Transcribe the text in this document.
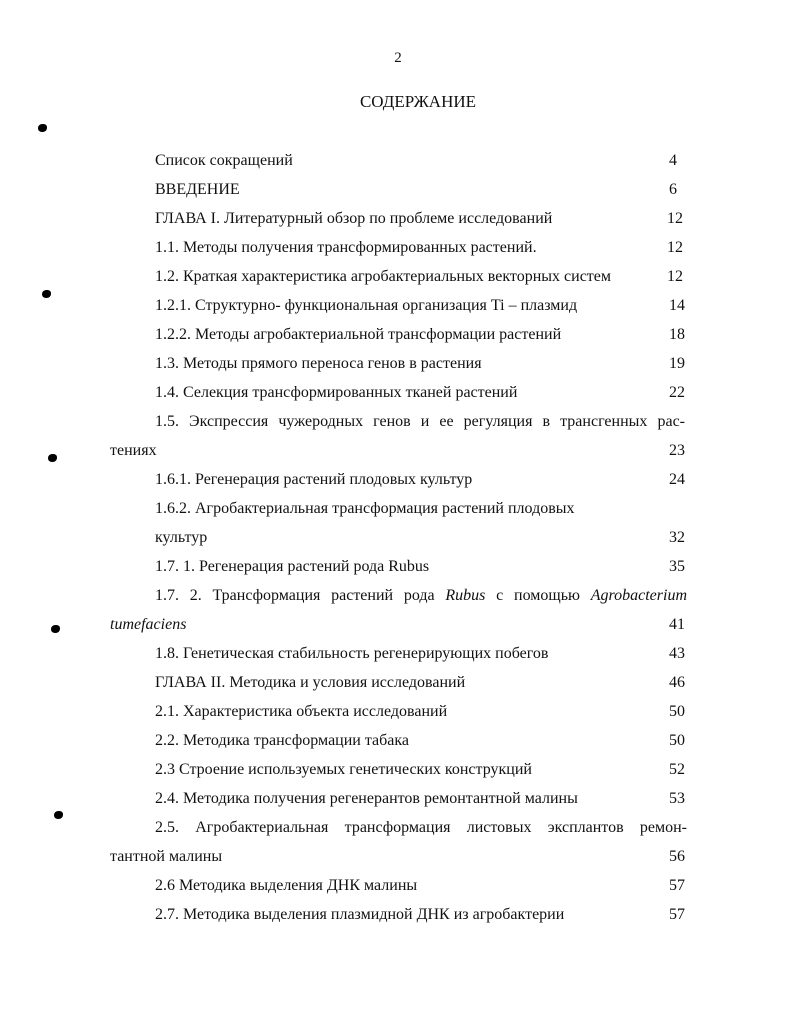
2
СОДЕРЖАНИЕ
Список сокращений	4
ВВЕДЕНИЕ	6
ГЛАВА I. Литературный обзор по проблеме исследований	12
1.1. Методы получения трансформированных растений.	12
1.2. Краткая характеристика агробактериальных векторных систем	12
1.2.1. Структурно- функциональная организация Ti – плазмид	14
1.2.2. Методы агробактериальной трансформации растений	18
1.3. Методы прямого переноса генов в растения	19
1.4. Селекция трансформированных тканей растений	22
1.5. Экспрессия чужеродных генов и ее регуляция в трансгенных рас-
тениях	23
1.6.1. Регенерация растений плодовых культур	24
1.6.2. Агробактериальная трансформация растений плодовых
культур	32
1.7. 1. Регенерация растений рода Rubus	35
1.7. 2. Трансформация растений рода Rubus с помощью Agrobacterium
tumefaciens	41
1.8. Генетическая стабильность регенерирующих побегов	43
ГЛАВА II. Методика и условия исследований	46
2.1. Характеристика объекта исследований	50
2.2. Методика трансформации табака	50
2.3 Строение используемых генетических конструкций	52
2.4. Методика получения регенерантов ремонтантной малины	53
2.5. Агробактериальная трансформация листовых эксплантов ремон-
тантной малины	56
2.6 Методика выделения ДНК малины	57
2.7. Методика выделения плазмидной ДНК из агробактерии	57
